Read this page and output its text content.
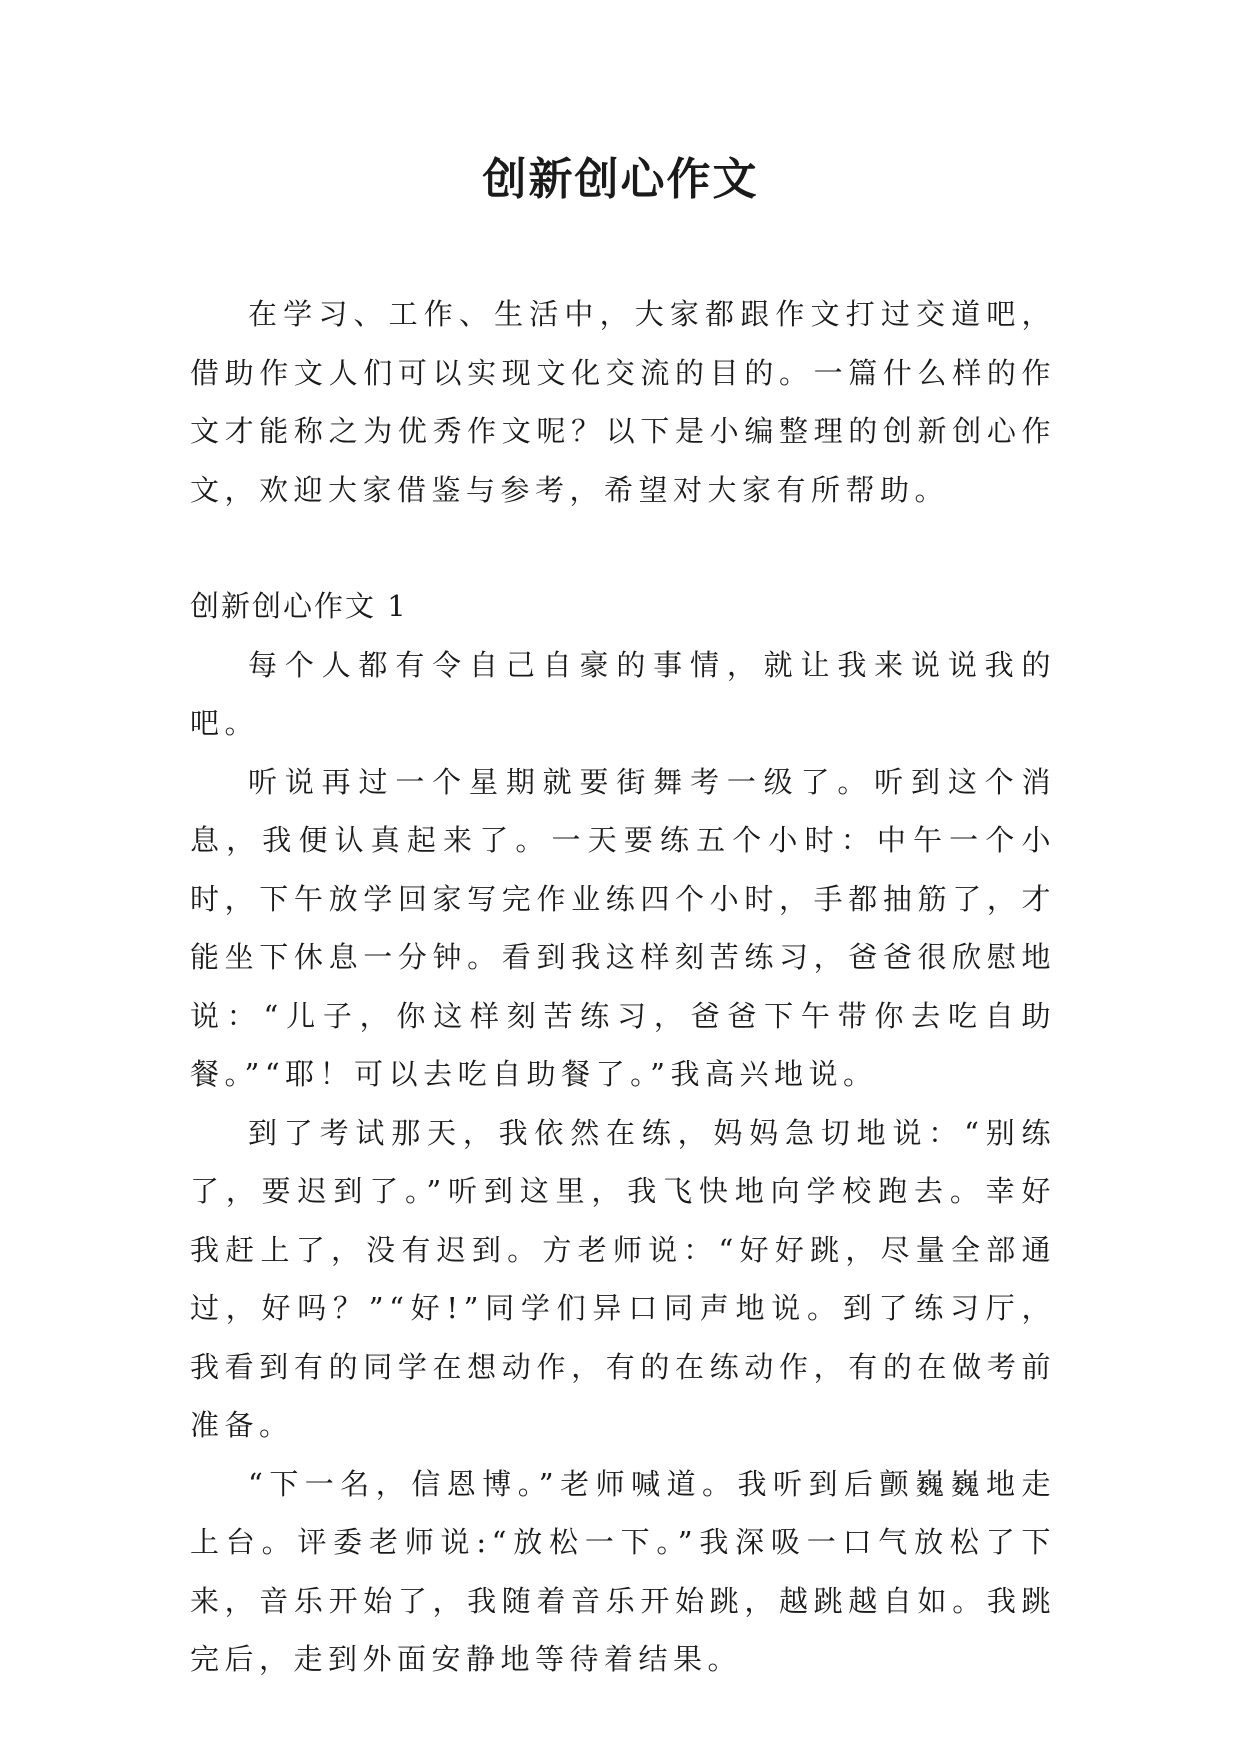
创新创心作文

在学习、工作、生活中，大家都跟作文打过交道吧，借助作文人们可以实现文化交流的目的。一篇什么样的作文才能称之为优秀作文呢？以下是小编整理的创新创心作文，欢迎大家借鉴与参考，希望对大家有所帮助。

创新创心作文 1

每个人都有令自己自豪的事情，就让我来说说我的吧。

听说再过一个星期就要街舞考一级了。听到这个消息，我便认真起来了。一天要练五个小时：中午一个小时，下午放学回家写完作业练四个小时，手都抽筋了，才能坐下休息一分钟。看到我这样刻苦练习，爸爸很欣慰地说：“儿子，你这样刻苦练习，爸爸下午带你去吃自助餐。”“耶！可以去吃自助餐了。”我高兴地说。

到了考试那天，我依然在练，妈妈急切地说：“别练了，要迟到了。”听到这里，我飞快地向学校跑去。幸好我赶上了，没有迟到。方老师说：“好好跳，尽量全部通过，好吗？”“好!”同学们异口同声地说。到了练习厅，我看到有的同学在想动作，有的在练动作，有的在做考前准备。

“下一名，信恩博。”老师喊道。我听到后颤巍巍地走上台。评委老师说:“放松一下。”我深吸一口气放松了下来，音乐开始了，我随着音乐开始跳，越跳越自如。我跳完后，走到外面安静地等待着结果。
